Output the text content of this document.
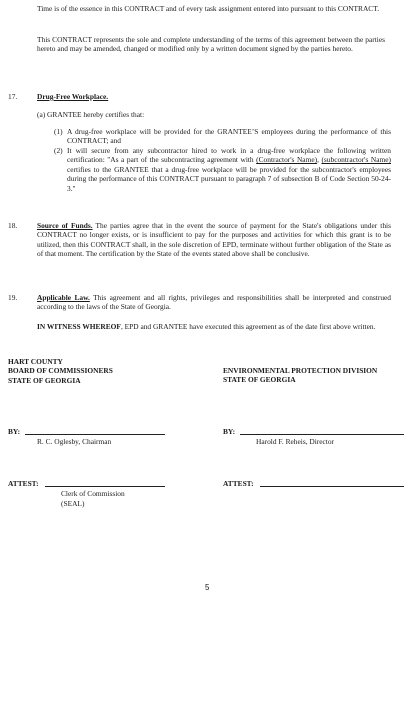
Time is of the essence in this CONTRACT and of every task assignment entered into pursuant to this CONTRACT.

This CONTRACT represents the sole and complete understanding of the terms of this agreement between the parties hereto and may be amended, changed or modified only by a written document signed by the parties hereto.

17.	Drug-Free Workplace.

(a) GRANTEE hereby certifies that:

(1) A drug-free workplace will be provided for the GRANTEE’S employees during the performance of this CONTRACT; and

(2) It will secure from any subcontractor hired to work in a drug-free workplace the following written certification: "As a part of the subcontracting agreement with (Contractor's Name), (subcontractor's Name) certifies to the GRANTEE that a drug-free workplace will be provided for the subcontractor's employees during the performance of this CONTRACT pursuant to paragraph 7 of subsection B of Code Section 50-24-3."

18.	Source of Funds. The parties agree that in the event the source of payment for the State's obligations under this CONTRACT no longer exists, or is insufficient to pay for the purposes and activities for which this grant is to be utilized, then this CONTRACT shall, in the sole discretion of EPD, terminate without further obligation of the State as of that moment. The certification by the State of the events stated above shall be conclusive.

19.	Applicable Law. This agreement and all rights, privileges and responsibilities shall be interpreted and construed according to the laws of the State of Georgia.

IN WITNESS WHEREOF, EPD and GRANTEE have executed this agreement as of the date first above written.

HART COUNTY
BOARD OF COMMISSIONERS
STATE OF GEORGIA
ENVIRONMENTAL PROTECTION DIVISION
STATE OF GEORGIA
BY:
R. C. Oglesby, Chairman
BY:
Harold F. Reheis, Director
ATTEST:
Clerk of Commission
(SEAL)
ATTEST:
5
